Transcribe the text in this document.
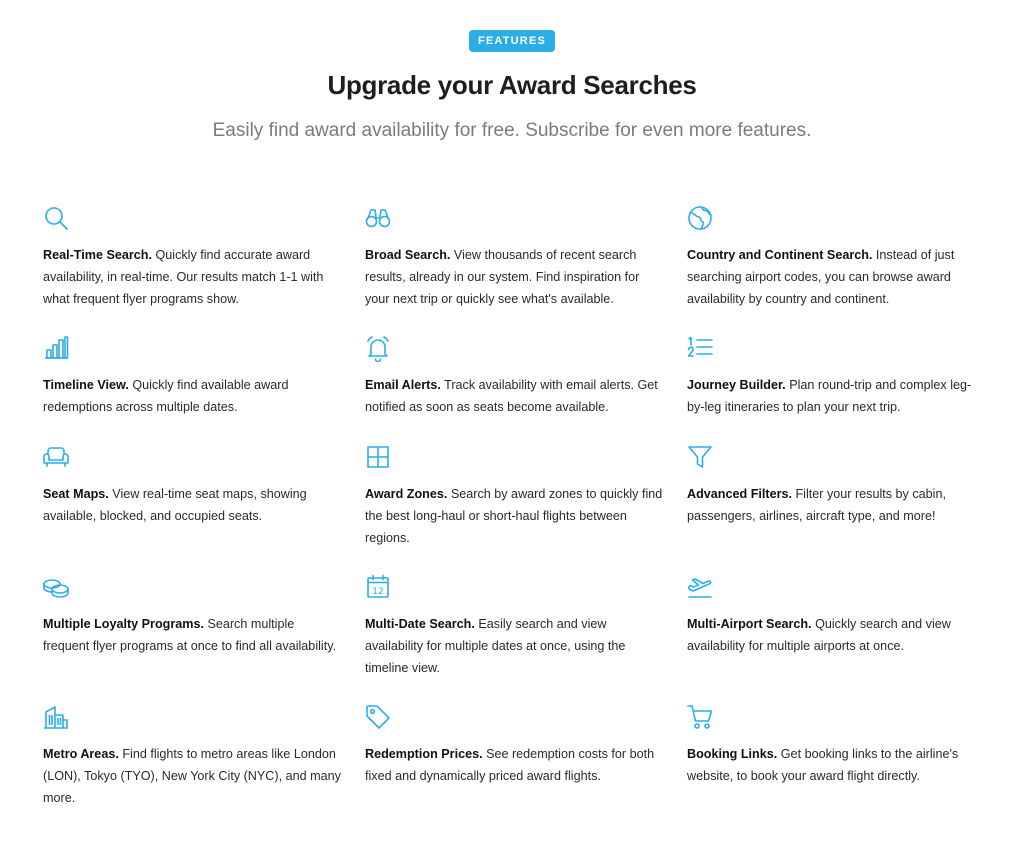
FEATURES
Upgrade your Award Searches

Easily find award availability for free. Subscribe for even more features.

Real-Time Search. Quickly find accurate award availability, in real-time. Our results match 1-1 with what frequent flyer programs show.

Broad Search. View thousands of recent search results, already in our system. Find inspiration for your next trip or quickly see what's available.

Country and Continent Search. Instead of just searching airport codes, you can browse award availability by country and continent.

Timeline View. Quickly find available award redemptions across multiple dates.

Email Alerts. Track availability with email alerts. Get notified as soon as seats become available.

Journey Builder. Plan round-trip and complex leg-by-leg itineraries to plan your next trip.

Seat Maps. View real-time seat maps, showing available, blocked, and occupied seats.

Award Zones. Search by award zones to quickly find the best long-haul or short-haul flights between regions.

Advanced Filters. Filter your results by cabin, passengers, airlines, aircraft type, and more!

Multiple Loyalty Programs. Search multiple frequent flyer programs at once to find all availability.

12

Multi-Date Search. Easily search and view availability for multiple dates at once, using the timeline view.

Multi-Airport Search. Quickly search and view availability for multiple airports at once.

Metro Areas. Find flights to metro areas like London (LON), Tokyo (TYO), New York City (NYC), and many more.

Redemption Prices. See redemption costs for both fixed and dynamically priced award flights.

Booking Links. Get booking links to the airline's website, to book your award flight directly.
